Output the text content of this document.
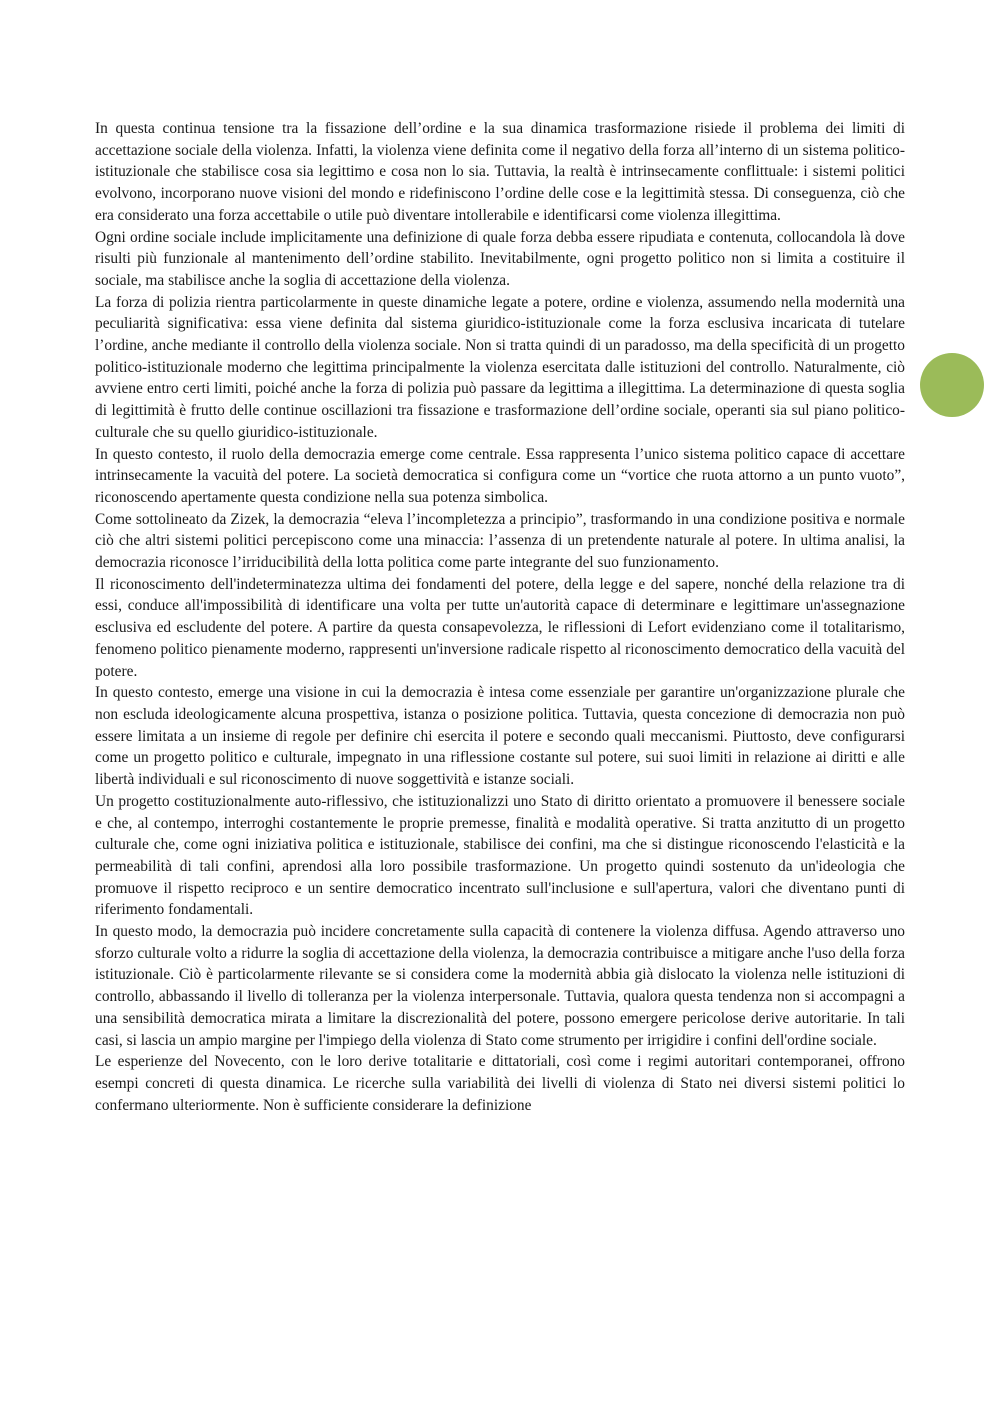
In questa continua tensione tra la fissazione dell’ordine e la sua dinamica trasformazione risiede il problema dei limiti di accettazione sociale della violenza. Infatti, la violenza viene definita come il negativo della forza all’interno di un sistema politico-istituzionale che stabilisce cosa sia legittimo e cosa non lo sia. Tuttavia, la realtà è intrinsecamente conflittuale: i sistemi politici evolvono, incorporano nuove visioni del mondo e ridefiniscono l’ordine delle cose e la legittimità stessa. Di conseguenza, ciò che era considerato una forza accettabile o utile può diventare intollerabile e identificarsi come violenza illegittima.

Ogni ordine sociale include implicitamente una definizione di quale forza debba essere ripudiata e contenuta, collocandola là dove risulti più funzionale al mantenimento dell’ordine stabilito. Inevitabilmente, ogni progetto politico non si limita a costituire il sociale, ma stabilisce anche la soglia di accettazione della violenza.

La forza di polizia rientra particolarmente in queste dinamiche legate a potere, ordine e violenza, assumendo nella modernità una peculiarità significativa: essa viene definita dal sistema giuridico-istituzionale come la forza esclusiva incaricata di tutelare l’ordine, anche mediante il controllo della violenza sociale. Non si tratta quindi di un paradosso, ma della specificità di un progetto politico-istituzionale moderno che legittima principalmente la violenza esercitata dalle istituzioni del controllo. Naturalmente, ciò avviene entro certi limiti, poiché anche la forza di polizia può passare da legittima a illegittima. La determinazione di questa soglia di legittimità è frutto delle continue oscillazioni tra fissazione e trasformazione dell’ordine sociale, operanti sia sul piano politico-culturale che su quello giuridico-istituzionale.

In questo contesto, il ruolo della democrazia emerge come centrale. Essa rappresenta l’unico sistema politico capace di accettare intrinsecamente la vacuità del potere. La società democratica si configura come un “vortice che ruota attorno a un punto vuoto”, riconoscendo apertamente questa condizione nella sua potenza simbolica.

Come sottolineato da Zizek, la democrazia “eleva l’incompletezza a principio”, trasformando in una condizione positiva e normale ciò che altri sistemi politici percepiscono come una minaccia: l’assenza di un pretendente naturale al potere. In ultima analisi, la democrazia riconosce l’irriducibilità della lotta politica come parte integrante del suo funzionamento.

Il riconoscimento dell'indeterminatezza ultima dei fondamenti del potere, della legge e del sapere, nonché della relazione tra di essi, conduce all'impossibilità di identificare una volta per tutte un'autorità capace di determinare e legittimare un'assegnazione esclusiva ed escludente del potere. A partire da questa consapevolezza, le riflessioni di Lefort evidenziano come il totalitarismo, fenomeno politico pienamente moderno, rappresenti un'inversione radicale rispetto al riconoscimento democratico della vacuità del potere.

In questo contesto, emerge una visione in cui la democrazia è intesa come essenziale per garantire un'organizzazione plurale che non escluda ideologicamente alcuna prospettiva, istanza o posizione politica. Tuttavia, questa concezione di democrazia non può essere limitata a un insieme di regole per definire chi esercita il potere e secondo quali meccanismi. Piuttosto, deve configurarsi come un progetto politico e culturale, impegnato in una riflessione costante sul potere, sui suoi limiti in relazione ai diritti e alle libertà individuali e sul riconoscimento di nuove soggettività e istanze sociali.

Un progetto costituzionalmente auto-riflessivo, che istituzionalizzi uno Stato di diritto orientato a promuovere il benessere sociale e che, al contempo, interroghi costantemente le proprie premesse, finalità e modalità operative. Si tratta anzitutto di un progetto culturale che, come ogni iniziativa politica e istituzionale, stabilisce dei confini, ma che si distingue riconoscendo l'elasticità e la permeabilità di tali confini, aprendosi alla loro possibile trasformazione. Un progetto quindi sostenuto da un'ideologia che promuove il rispetto reciproco e un sentire democratico incentrato sull'inclusione e sull'apertura, valori che diventano punti di riferimento fondamentali.

In questo modo, la democrazia può incidere concretamente sulla capacità di contenere la violenza diffusa. Agendo attraverso uno sforzo culturale volto a ridurre la soglia di accettazione della violenza, la democrazia contribuisce a mitigare anche l'uso della forza istituzionale. Ciò è particolarmente rilevante se si considera come la modernità abbia già dislocato la violenza nelle istituzioni di controllo, abbassando il livello di tolleranza per la violenza interpersonale. Tuttavia, qualora questa tendenza non si accompagni a una sensibilità democratica mirata a limitare la discrezionalità del potere, possono emergere pericolose derive autoritarie. In tali casi, si lascia un ampio margine per l'impiego della violenza di Stato come strumento per irrigidire i confini dell'ordine sociale.

Le esperienze del Novecento, con le loro derive totalitarie e dittatoriali, così come i regimi autoritari contemporanei, offrono esempi concreti di questa dinamica. Le ricerche sulla variabilità dei livelli di violenza di Stato nei diversi sistemi politici lo confermano ulteriormente. Non è sufficiente considerare la definizione
